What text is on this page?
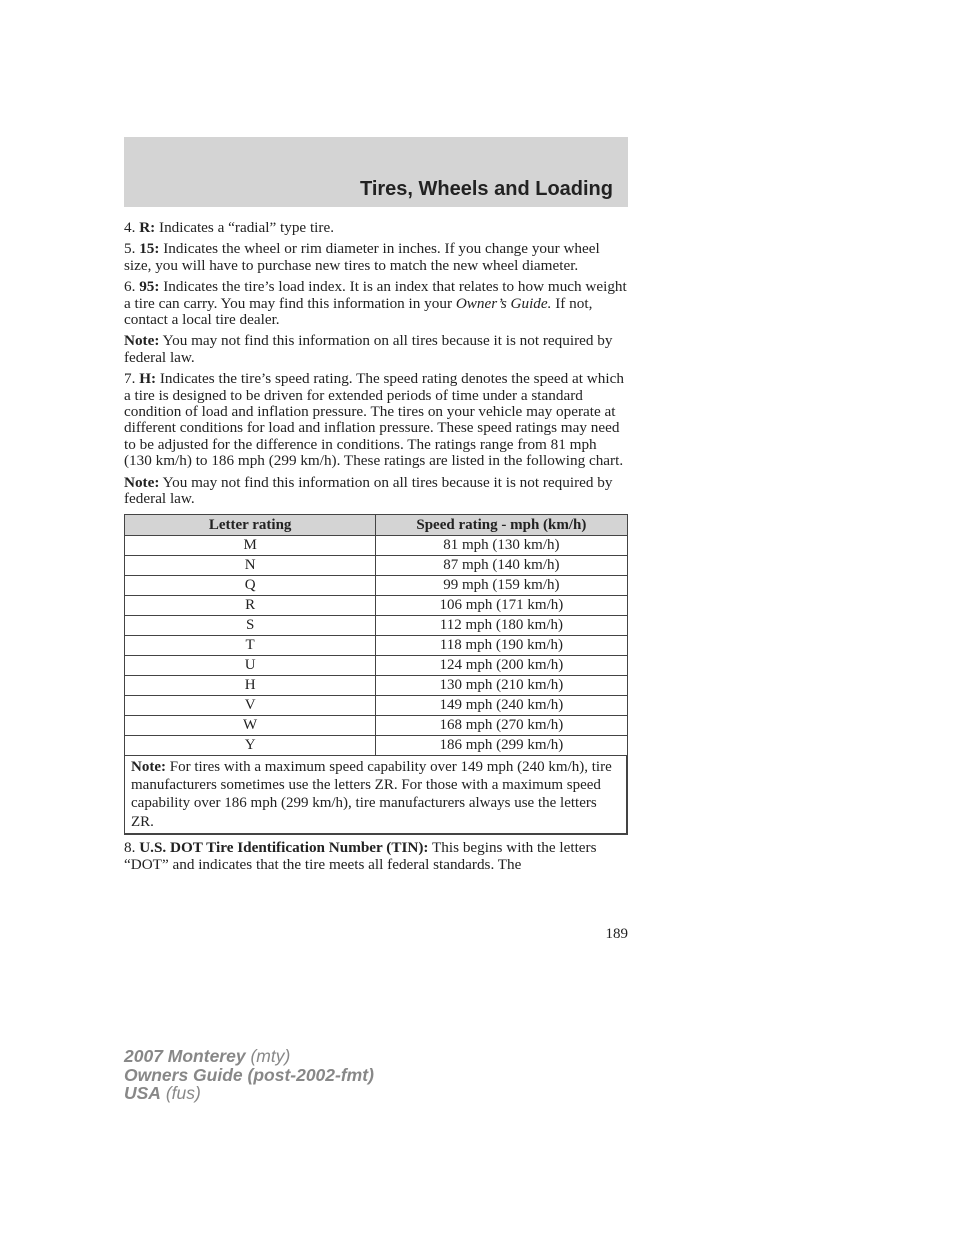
Tires, Wheels and Loading

4. R: Indicates a “radial” type tire.

5. 15: Indicates the wheel or rim diameter in inches. If you change your wheel size, you will have to purchase new tires to match the new wheel diameter.

6. 95: Indicates the tire’s load index. It is an index that relates to how much weight a tire can carry. You may find this information in your Owner’s Guide. If not, contact a local tire dealer.

Note: You may not find this information on all tires because it is not required by federal law.

7. H: Indicates the tire’s speed rating. The speed rating denotes the speed at which a tire is designed to be driven for extended periods of time under a standard condition of load and inflation pressure. The tires on your vehicle may operate at different conditions for load and inflation pressure. These speed ratings may need to be adjusted for the difference in conditions. The ratings range from 81 mph (130 km/h) to 186 mph (299 km/h). These ratings are listed in the following chart.

Note: You may not find this information on all tires because it is not required by federal law.

Letter rating	Speed rating - mph (km/h)
M	81 mph (130 km/h)
N	87 mph (140 km/h)
Q	99 mph (159 km/h)
R	106 mph (171 km/h)
S	112 mph (180 km/h)
T	118 mph (190 km/h)
U	124 mph (200 km/h)
H	130 mph (210 km/h)
V	149 mph (240 km/h)
W	168 mph (270 km/h)
Y	186 mph (299 km/h)
Note: For tires with a maximum speed capability over 149 mph (240 km/h), tire manufacturers sometimes use the letters ZR. For those with a maximum speed capability over 186 mph (299 km/h), tire manufacturers always use the letters ZR.	

8. U.S. DOT Tire Identification Number (TIN): This begins with the letters “DOT” and indicates that the tire meets all federal standards. The

189
2007 Monterey (mty)
Owners Guide (post-2002-fmt)
USA (fus)
